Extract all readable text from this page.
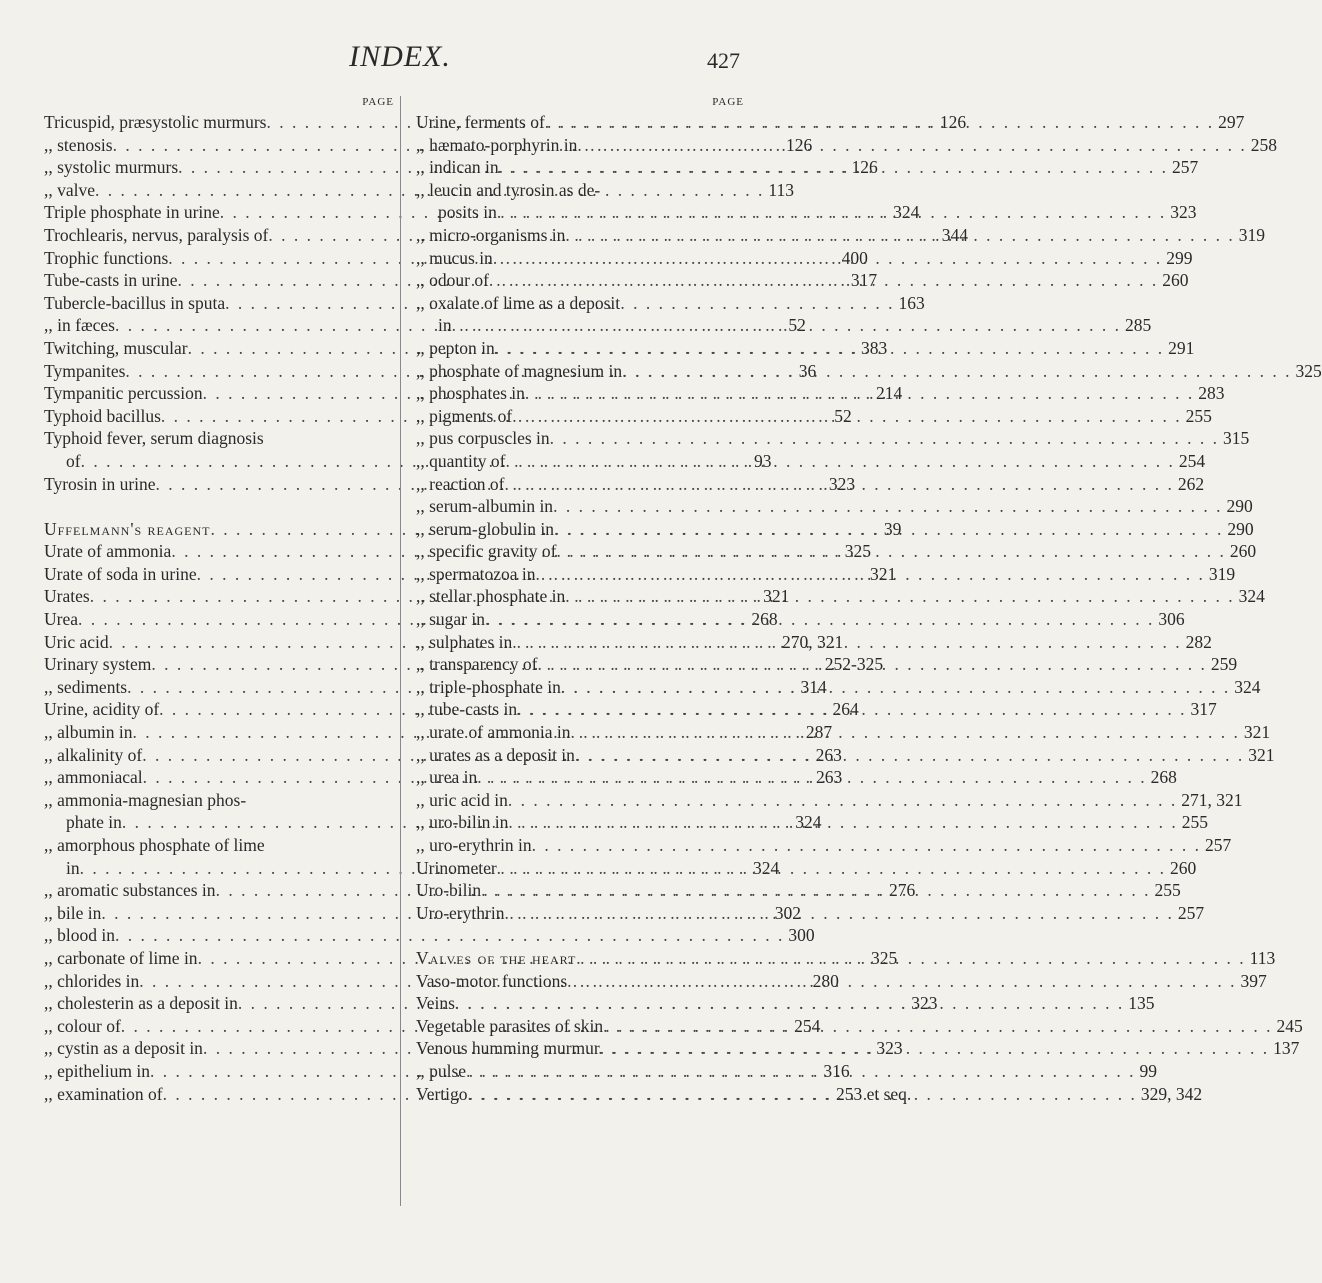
INDEX.	427
PAGE
Tricuspid, præsystolic murmurs . . .	126
,, stenosis . . .	126
,, systolic murmurs . . .	126
,, valve . . .	113
Triple phosphate in urine . . .	324
Trochlearis, nervus, paralysis of . . .	344
Trophic functions . . .	400
Tube-casts in urine . . .	317
Tubercle-bacillus in sputa . . .	163
,, in fæces . . .	52
Twitching, muscular . . .	383
Tympanites . . .	36
Tympanitic percussion . . .	214
Typhoid bacillus . . .	52
Typhoid fever, serum diagnosis
of . . .	93
Tyrosin in urine . . .	323
Uffelmann's reagent . . .	39
Urate of ammonia . . .	325
Urate of soda in urine . . .	321
Urates . . .	321
Urea . . .	268
Uric acid . . .	270, 321
Urinary system . . .	252-325
,, sediments . . .	314
Urine, acidity of . . .	264
,, albumin in . . .	287
,, alkalinity of . . .	263
,, ammoniacal . . .	263
,, ammonia-magnesian phos-
phate in . . .	324
,, amorphous phosphate of lime
in . . .	324
,, aromatic substances in . . .	276
,, bile in . . .	302
,, blood in . . .	300
,, carbonate of lime in . . .	325
,, chlorides in . . .	280
,, cholesterin as a deposit in . . .	323
,, colour of . . .	254
,, cystin as a deposit in . . .	323
,, epithelium in . . .	316
,, examination of . . .	253 et seq.
PAGE
Urine, ferments of . . .	297
,, hæmato-porphyrin in . . .	258
,, indican in . . .	257
,, leucin and tyrosin as de-
posits in . . .	323
,, micro-organisms in . . .	319
,, mucus in . . .	299
,, odour of . . .	260
,, oxalate of lime as a deposit
in . . .	285
,, pepton in . . .	291
,, phosphate of magnesium in . . .	325
,, phosphates in . . .	283
,, pigments of . . .	255
,, pus corpuscles in . . .	315
,, quantity of . . .	254
,, reaction of . . .	262
,, serum-albumin in . . .	290
,, serum-globulin in . . .	290
,, specific gravity of . . .	260
,, spermatozoa in . . .	319
,, stellar phosphate in . . .	324
,, sugar in . . .	306
,, sulphates in . . .	282
,, transparency of . . .	259
,, triple-phosphate in . . .	324
,, tube-casts in . . .	317
,, urate of ammonia in . . .	321
,, urates as a deposit in . . .	321
,, urea in . . .	268
,, uric acid in . . .	271, 321
,, uro-bilin in . . .	255
,, uro-erythrin in . . .	257
Urinometer . . .	260
Uro-bilin . . .	255
Uro-erythrin . . .	257
Valves of the heart . . .	113
Vaso-motor functions . . .	397
Veins . . .	135
Vegetable parasites of skin . . .	245
Venous humming murmur . . .	137
,, pulse . . .	99
Vertigo . . .	329, 342
